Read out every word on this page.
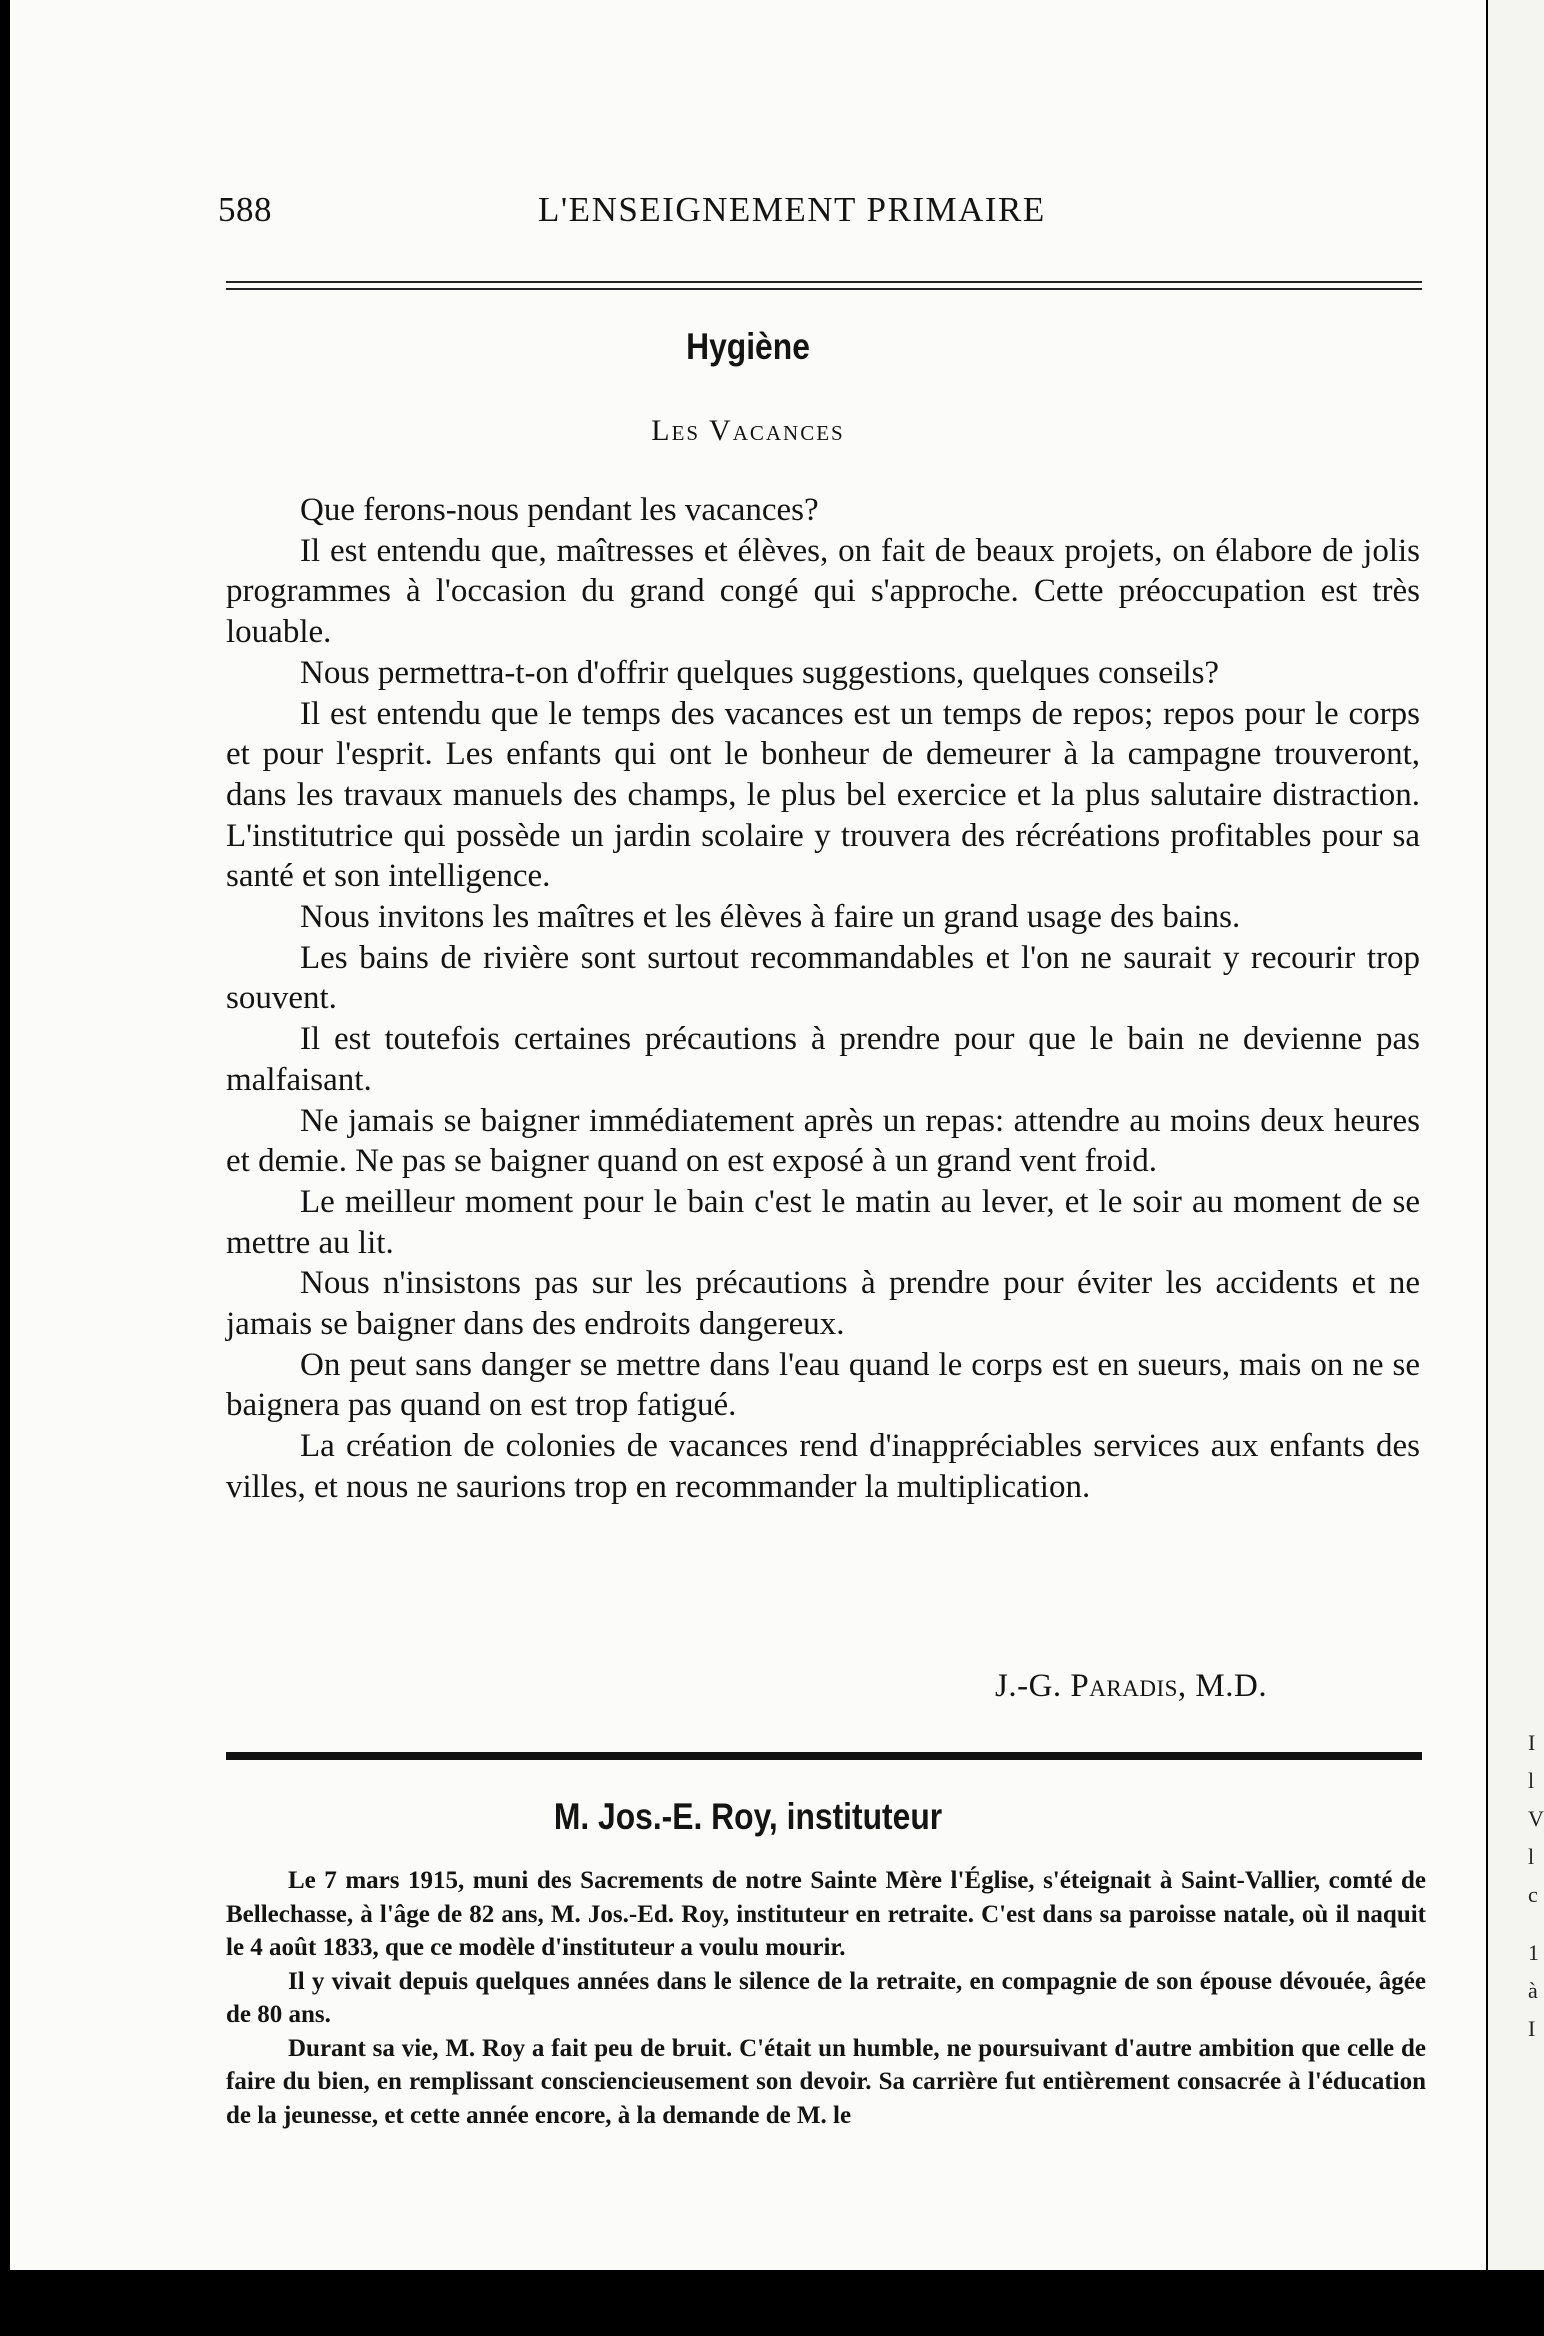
588	L'ENSEIGNEMENT PRIMAIRE
Hygiène
Les Vacances

Que ferons-nous pendant les vacances?

Il est entendu que, maîtresses et élèves, on fait de beaux projets, on élabore de jolis programmes à l'occasion du grand congé qui s'approche. Cette préoccupation est très louable.

Nous permettra-t-on d'offrir quelques suggestions, quelques conseils?

Il est entendu que le temps des vacances est un temps de repos; repos pour le corps et pour l'esprit. Les enfants qui ont le bonheur de demeurer à la campagne trouveront, dans les travaux manuels des champs, le plus bel exercice et la plus salutaire distraction. L'institutrice qui possède un jardin scolaire y trouvera des récréations profitables pour sa santé et son intelligence.

Nous invitons les maîtres et les élèves à faire un grand usage des bains.

Les bains de rivière sont surtout recommandables et l'on ne saurait y recourir trop souvent.

Il est toutefois certaines précautions à prendre pour que le bain ne devienne pas malfaisant.

Ne jamais se baigner immédiatement après un repas: attendre au moins deux heures et demie. Ne pas se baigner quand on est exposé à un grand vent froid.

Le meilleur moment pour le bain c'est le matin au lever, et le soir au moment de se mettre au lit.

Nous n'insistons pas sur les précautions à prendre pour éviter les accidents et ne jamais se baigner dans des endroits dangereux.

On peut sans danger se mettre dans l'eau quand le corps est en sueurs, mais on ne se baignera pas quand on est trop fatigué.

La création de colonies de vacances rend d'inappréciables services aux enfants des villes, et nous ne saurions trop en recommander la multiplication.

J.-G. Paradis, M.D.
M. Jos.-E. Roy, instituteur

Le 7 mars 1915, muni des Sacrements de notre Sainte Mère l'Église, s'éteignait à Saint-Vallier, comté de Bellechasse, à l'âge de 82 ans, M. Jos.-Ed. Roy, instituteur en retraite. C'est dans sa paroisse natale, où il naquit le 4 août 1833, que ce modèle d'instituteur a voulu mourir.

Il y vivait depuis quelques années dans le silence de la retraite, en compagnie de son épouse dévouée, âgée de 80 ans.

Durant sa vie, M. Roy a fait peu de bruit. C'était un humble, ne poursuivant d'autre ambition que celle de faire du bien, en remplissant consciencieusement son devoir. Sa carrière fut entièrement consacrée à l'éducation de la jeunesse, et cette année encore, à la demande de M. le

I
l
V
l
c
1
à
I
